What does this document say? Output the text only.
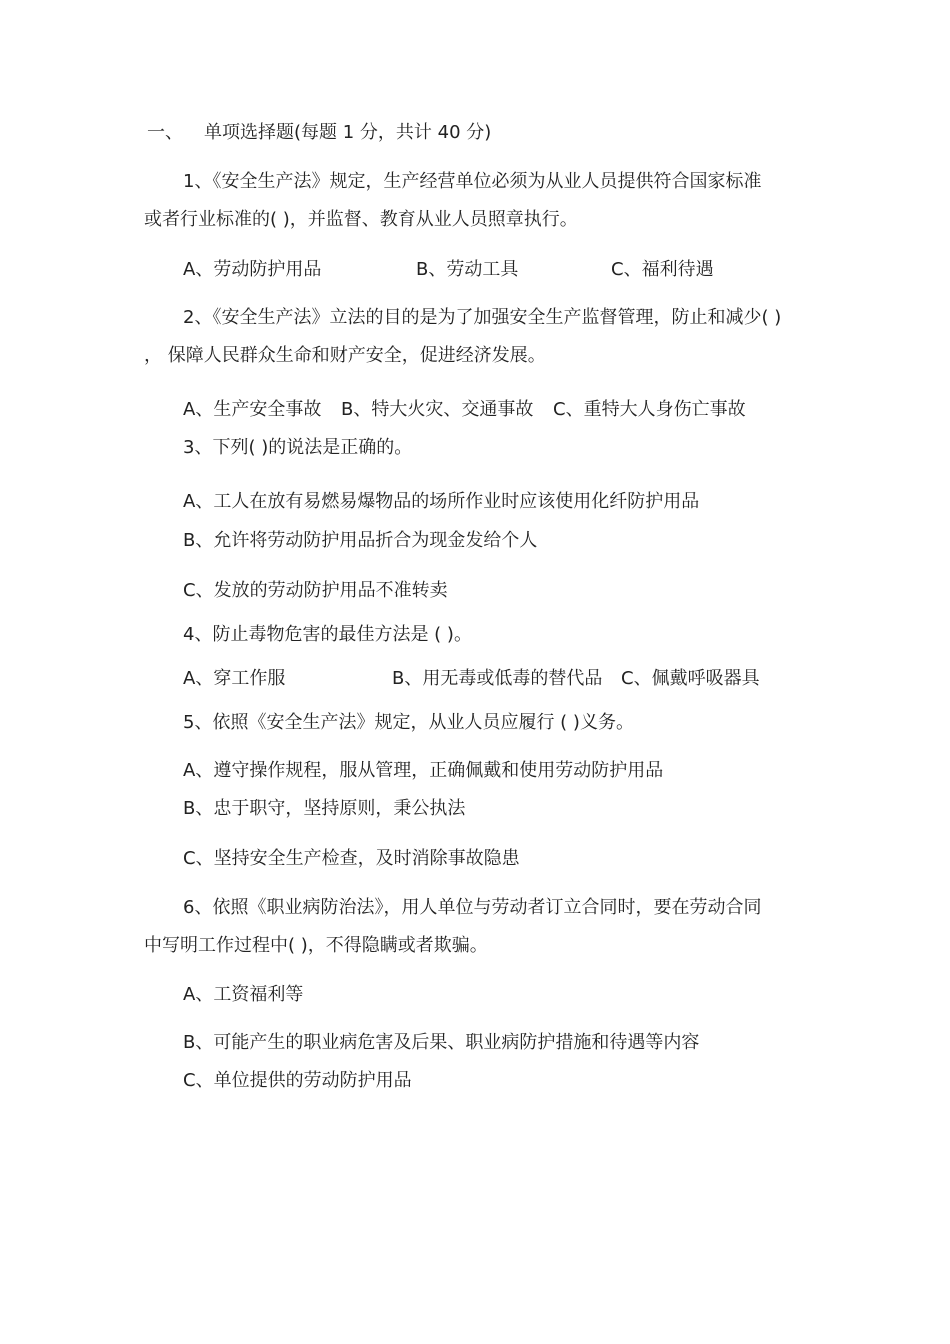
一、 单项选择题(每题 1 分，共计 40 分)

1、《安全生产法》规定，生产经营单位必须为从业人员提供符合国家标准

或者行业标准的( )，并监督、教育从业人员照章执行。

A、劳动防护用品	B、劳动工具	C、福利待遇

2、《安全生产法》立法的目的是为了加强安全生产监督管理，防止和减少( )

， 保障人民群众生命和财产安全，促进经济发展。

A、生产安全事故 B、特大火灾、交通事故 C、重特大人身伤亡事故

3、下列( )的说法是正确的。

A、工人在放有易燃易爆物品的场所作业时应该使用化纤防护用品
B、允许将劳动防护用品折合为现金发给个人
C、发放的劳动防护用品不准转卖

4、防止毒物危害的最佳方法是 ( )。

A、穿工作服	B、用无毒或低毒的替代品 C、佩戴呼吸器具

5、依照《安全生产法》规定，从业人员应履行 ( )义务。

A、遵守操作规程，服从管理，正确佩戴和使用劳动防护用品
B、忠于职守，坚持原则，秉公执法
C、坚持安全生产检查，及时消除事故隐患

6、依照《职业病防治法》，用人单位与劳动者订立合同时，要在劳动合同

中写明工作过程中( )，不得隐瞒或者欺骗。

A、工资福利等
B、可能产生的职业病危害及后果、职业病防护措施和待遇等内容
C、单位提供的劳动防护用品
